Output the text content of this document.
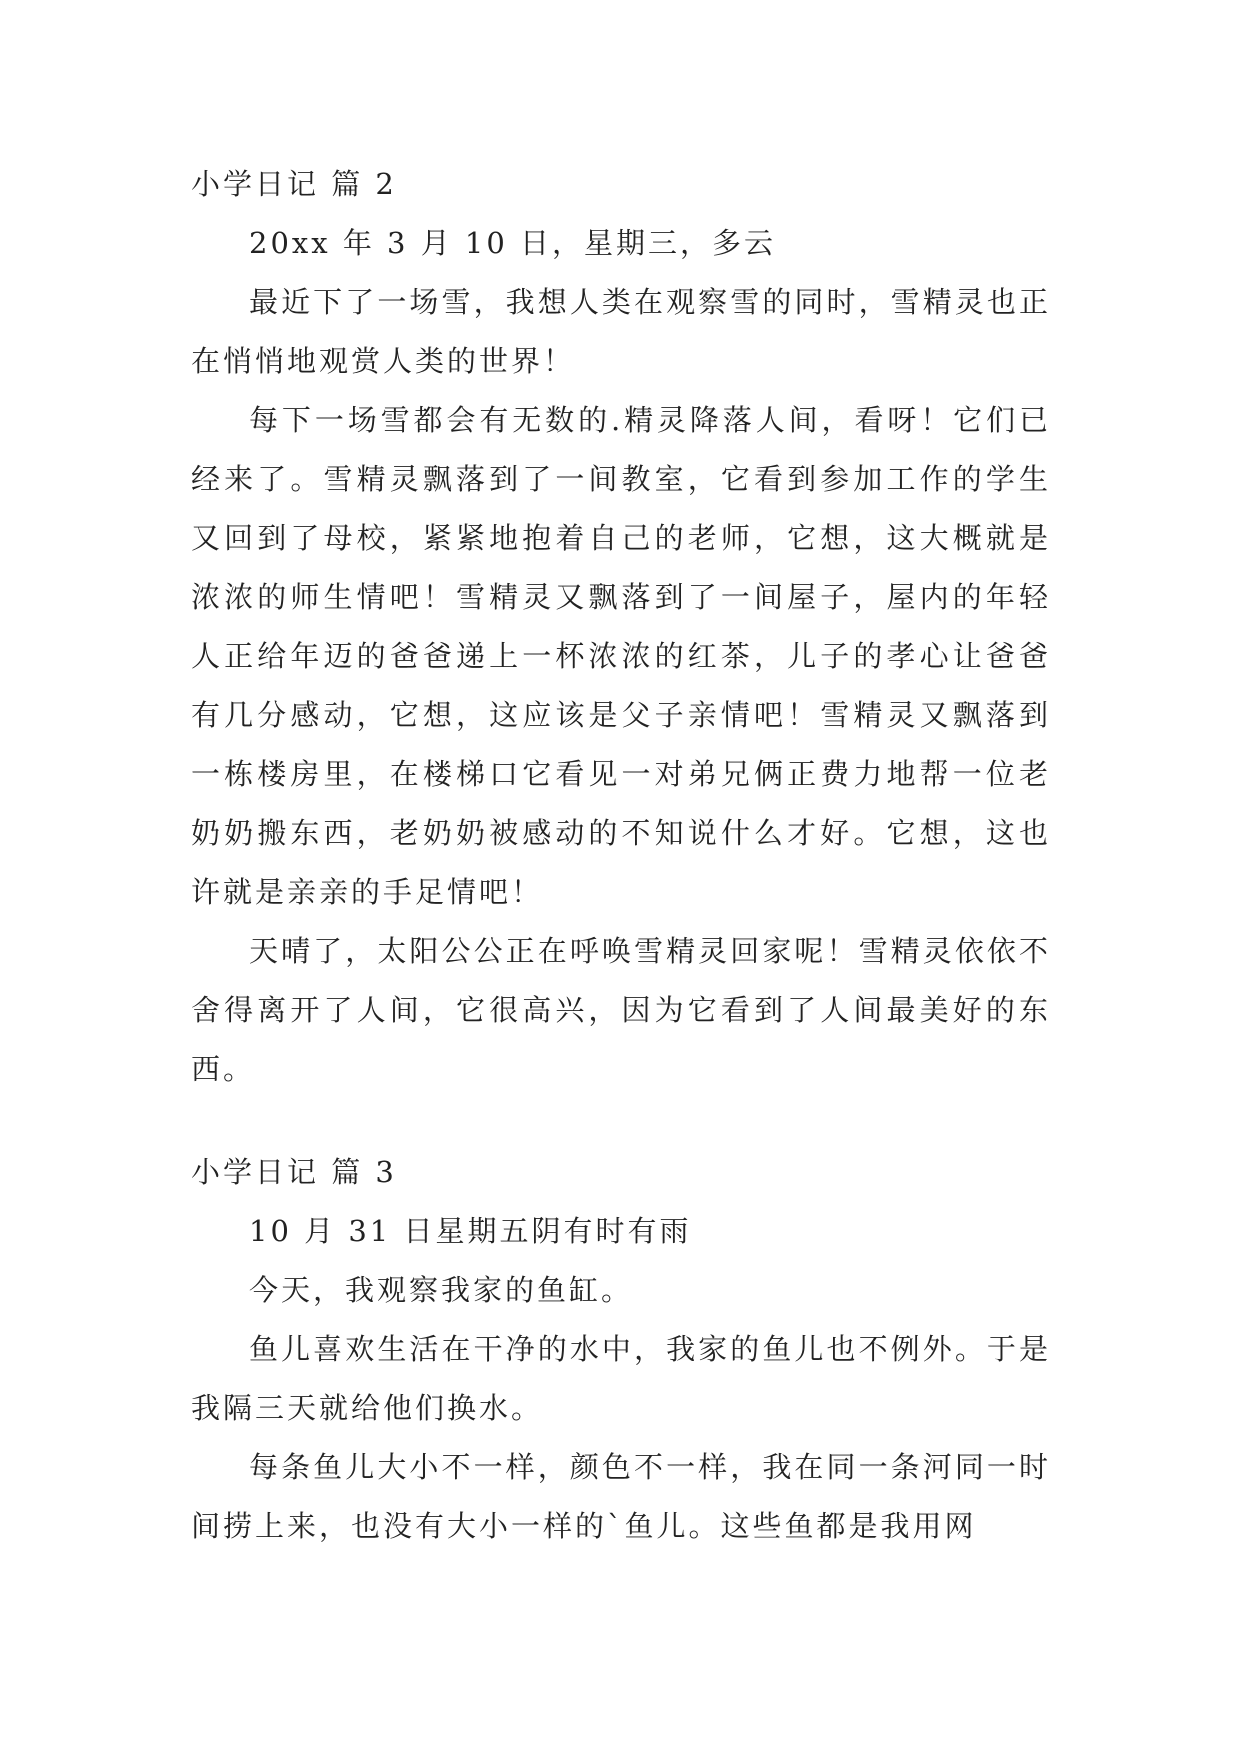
小学日记 篇 2

20xx 年 3 月 10 日，星期三，多云

最近下了一场雪，我想人类在观察雪的同时，雪精灵也正在悄悄地观赏人类的世界！

每下一场雪都会有无数的.精灵降落人间，看呀！它们已经来了。雪精灵飘落到了一间教室，它看到参加工作的学生又回到了母校，紧紧地抱着自己的老师，它想，这大概就是浓浓的师生情吧！雪精灵又飘落到了一间屋子，屋内的年轻人正给年迈的爸爸递上一杯浓浓的红茶，儿子的孝心让爸爸有几分感动，它想，这应该是父子亲情吧！雪精灵又飘落到一栋楼房里，在楼梯口它看见一对弟兄俩正费力地帮一位老奶奶搬东西，老奶奶被感动的不知说什么才好。它想，这也许就是亲亲的手足情吧！

天晴了，太阳公公正在呼唤雪精灵回家呢！雪精灵依依不舍得离开了人间，它很高兴，因为它看到了人间最美好的东西。

小学日记 篇 3

10 月 31 日星期五阴有时有雨

今天，我观察我家的鱼缸。

鱼儿喜欢生活在干净的水中，我家的鱼儿也不例外。于是我隔三天就给他们换水。

每条鱼儿大小不一样，颜色不一样，我在同一条河同一时间捞上来，也没有大小一样的`鱼儿。这些鱼都是我用网
